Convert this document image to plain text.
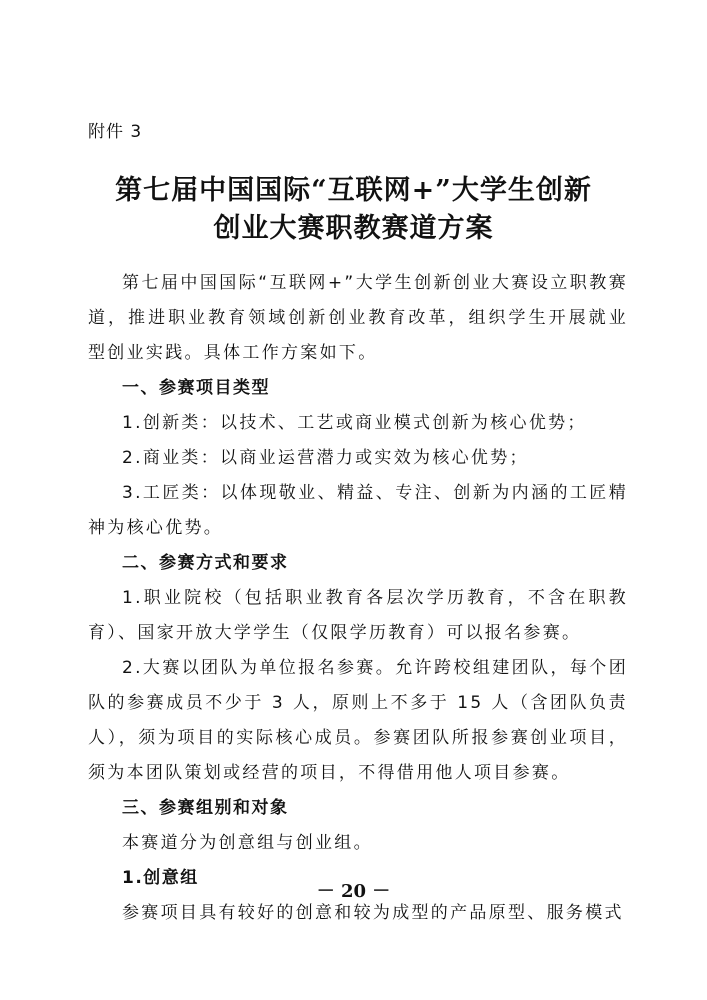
附件 3
第七届中国国际“互联网+”大学生创新
创业大赛职教赛道方案

第七届中国国际“互联网+”大学生创新创业大赛设立职教赛道，推进职业教育领域创新创业教育改革，组织学生开展就业型创业实践。具体工作方案如下。

一、参赛项目类型

1.创新类：以技术、工艺或商业模式创新为核心优势；

2.商业类：以商业运营潜力或实效为核心优势；

3.工匠类：以体现敬业、精益、专注、创新为内涵的工匠精神为核心优势。

二、参赛方式和要求

1.职业院校（包括职业教育各层次学历教育，不含在职教育）、国家开放大学学生（仅限学历教育）可以报名参赛。

2.大赛以团队为单位报名参赛。允许跨校组建团队，每个团队的参赛成员不少于 3 人，原则上不多于 15 人（含团队负责人），须为项目的实际核心成员。参赛团队所报参赛创业项目，须为本团队策划或经营的项目，不得借用他人项目参赛。

三、参赛组别和对象

本赛道分为创意组与创业组。

1.创意组

参赛项目具有较好的创意和较为成型的产品原型、服务模式

－ 20 －
